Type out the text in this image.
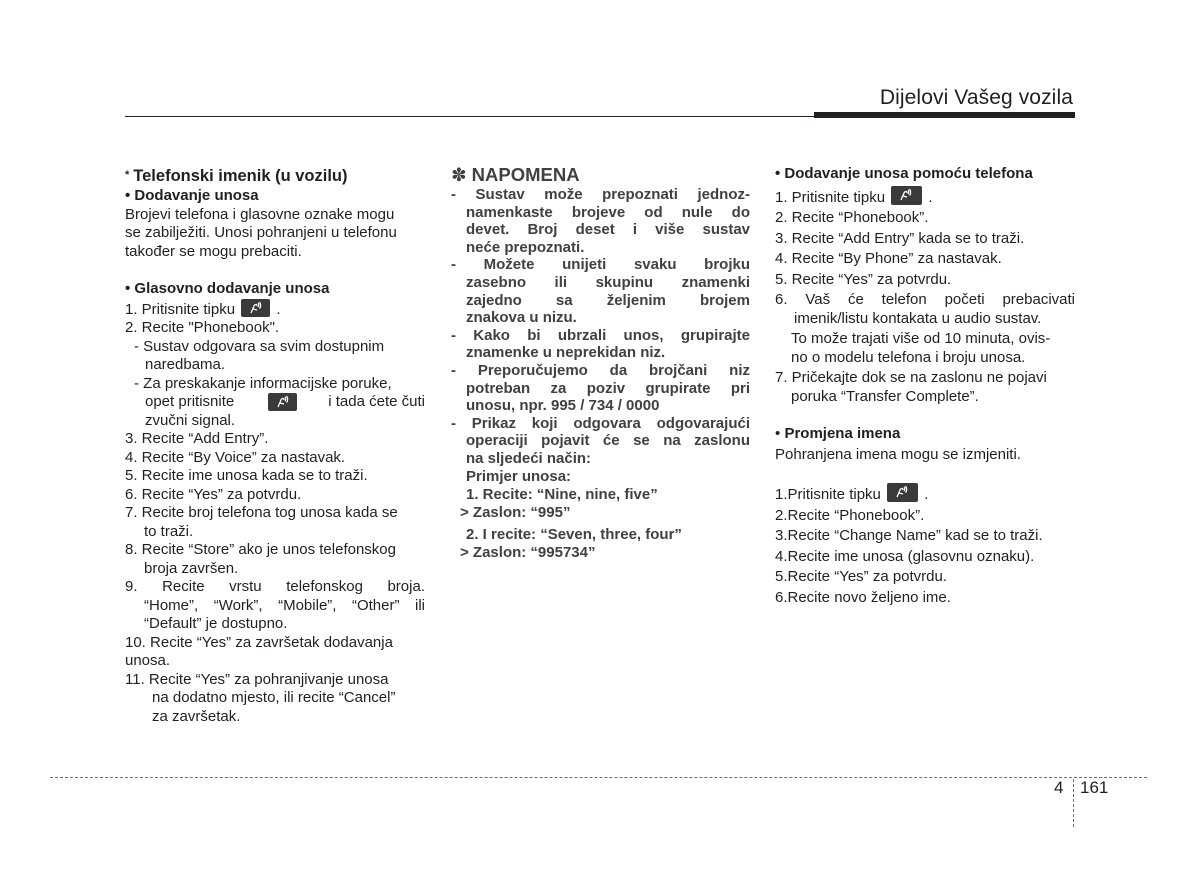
Dijelovi Vašeg vozila
* Telefonski imenik (u vozilu)
• Dodavanje unosa
Brojevi telefona i glasovne oznake mogu
se zabilježiti. Unosi pohranjeni u telefonu
također se mogu prebaciti.
• Glasovno dodavanje unosa
1. Pritisnite tipku	.
2. Recite "Phonebook".
- Sustav odgovara sa svim dostupnim
naredbama.
- Za preskakanje informacijske poruke,
opet pritisnite	i tada ćete čuti
zvučni signal.
3. Recite “Add Entry”.
4. Recite “By Voice” za nastavak.
5. Recite ime unosa kada se to traži.
6. Recite “Yes” za potvrdu.
7. Recite broj telefona tog unosa kada se
to traži.
8. Recite “Store” ako je unos telefonskog
broja završen.
9. Recite vrstu telefonskog broja.
“Home”, “Work”, “Mobile”, “Other” ili
“Default” je dostupno.
10. Recite “Yes” za završetak dodavanja
unosa.
11. Recite “Yes” za pohranjivanje unosa
na dodatno mjesto, ili recite “Cancel”
za završetak.
✽ NAPOMENA
- Sustav može prepoznati jednoz-
namenkaste brojeve od nule do
devet. Broj deset i više sustav
neće prepoznati.
- Možete unijeti svaku brojku
zasebno ili skupinu znamenki
zajedno sa željenim brojem
znakova u nizu.
- Kako bi ubrzali unos, grupirajte
znamenke u neprekidan niz.
- Preporučujemo da brojčani niz
potreban za poziv grupirate pri
unosu, npr. 995 / 734 / 0000
- Prikaz koji odgovara odgovarajući
operaciji pojavit će se na zaslonu
na sljedeći način:
Primjer unosa:
1. Recite: “Nine, nine, five”
> Zaslon: “995”
2. I recite: “Seven, three, four”
> Zaslon: “995734”
• Dodavanje unosa pomoću telefona
1. Pritisnite tipku	.
2. Recite “Phonebook”.
3. Recite “Add Entry” kada se to traži.
4. Recite “By Phone” za nastavak.
5. Recite “Yes” za potvrdu.
6. Vaš će telefon početi prebacivati
imenik/listu kontakata u audio sustav.
To može trajati više od 10 minuta, ovis-
no o modelu telefona i broju unosa.
7. Pričekajte dok se na zaslonu ne pojavi
poruka “Transfer Complete”.
• Promjena imena
Pohranjena imena mogu se izmjeniti.
1.Pritisnite tipku	.
2.Recite “Phonebook”.
3.Recite “Change Name” kad se to traži.
4.Recite ime unosa (glasovnu oznaku).
5.Recite “Yes” za potvrdu.
6.Recite novo željeno ime.
4 161
